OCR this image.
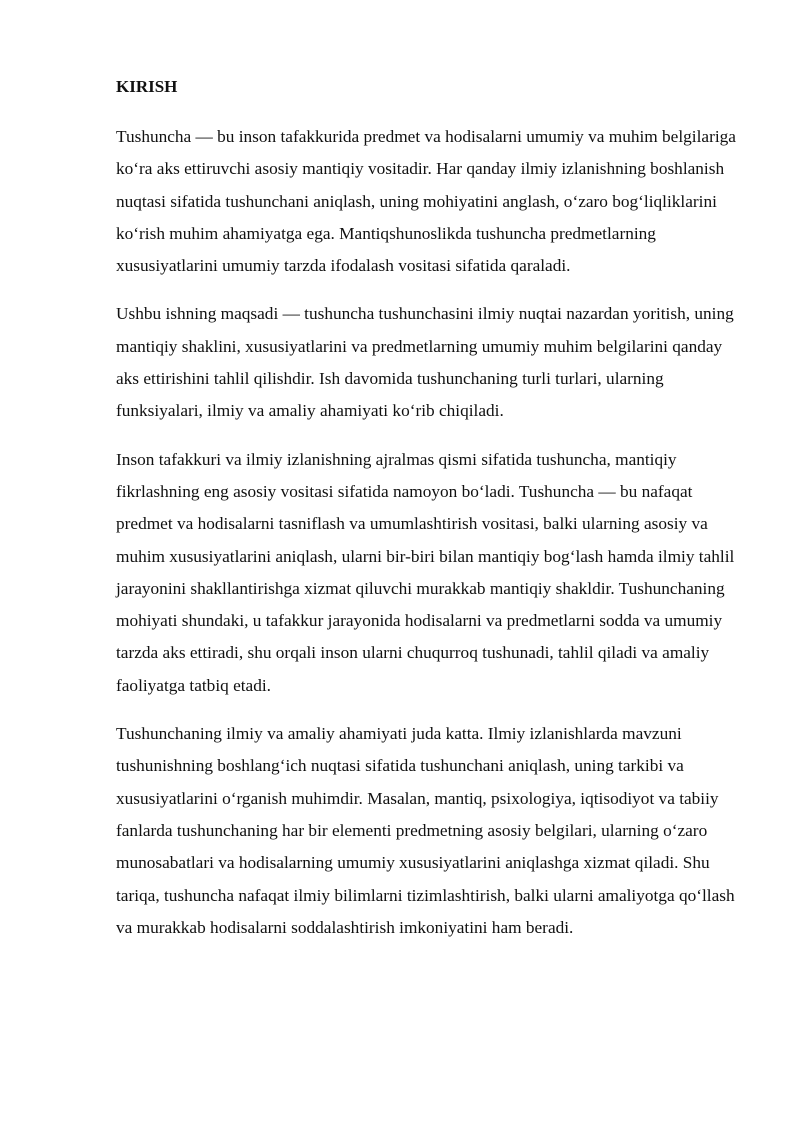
KIRISH

Tushuncha — bu inson tafakkurida predmet va hodisalarni umumiy va muhim belgilariga ko‘ra aks ettiruvchi asosiy mantiqiy vositadir. Har qanday ilmiy izlanishning boshlanish nuqtasi sifatida tushunchani aniqlash, uning mohiyatini anglash, o‘zaro bog‘liqliklarini ko‘rish muhim ahamiyatga ega. Mantiqshunoslikda tushuncha predmetlarning xususiyatlarini umumiy tarzda ifodalash vositasi sifatida qaraladi.

Ushbu ishning maqsadi — tushuncha tushunchasini ilmiy nuqtai nazardan yoritish, uning mantiqiy shaklini, xususiyatlarini va predmetlarning umumiy muhim belgilarini qanday aks ettirishini tahlil qilishdir. Ish davomida tushunchaning turli turlari, ularning funksiyalari, ilmiy va amaliy ahamiyati ko‘rib chiqiladi.

Inson tafakkuri va ilmiy izlanishning ajralmas qismi sifatida tushuncha, mantiqiy fikrlashning eng asosiy vositasi sifatida namoyon bo‘ladi. Tushuncha — bu nafaqat predmet va hodisalarni tasniflash va umumlashtirish vositasi, balki ularning asosiy va muhim xususiyatlarini aniqlash, ularni bir-biri bilan mantiqiy bog‘lash hamda ilmiy tahlil jarayonini shakllantirishga xizmat qiluvchi murakkab mantiqiy shakldir. Tushunchaning mohiyati shundaki, u tafakkur jarayonida hodisalarni va predmetlarni sodda va umumiy tarzda aks ettiradi, shu orqali inson ularni chuqurroq tushunadi, tahlil qiladi va amaliy faoliyatga tatbiq etadi.

Tushunchaning ilmiy va amaliy ahamiyati juda katta. Ilmiy izlanishlarda mavzuni tushunishning boshlang‘ich nuqtasi sifatida tushunchani aniqlash, uning tarkibi va xususiyatlarini o‘rganish muhimdir. Masalan, mantiq, psixologiya, iqtisodiyot va tabiiy fanlarda tushunchaning har bir elementi predmetning asosiy belgilari, ularning o‘zaro munosabatlari va hodisalarning umumiy xususiyatlarini aniqlashga xizmat qiladi. Shu tariqa, tushuncha nafaqat ilmiy bilimlarni tizimlashtirish, balki ularni amaliyotga qo‘llash va murakkab hodisalarni soddalashtirish imkoniyatini ham beradi.
